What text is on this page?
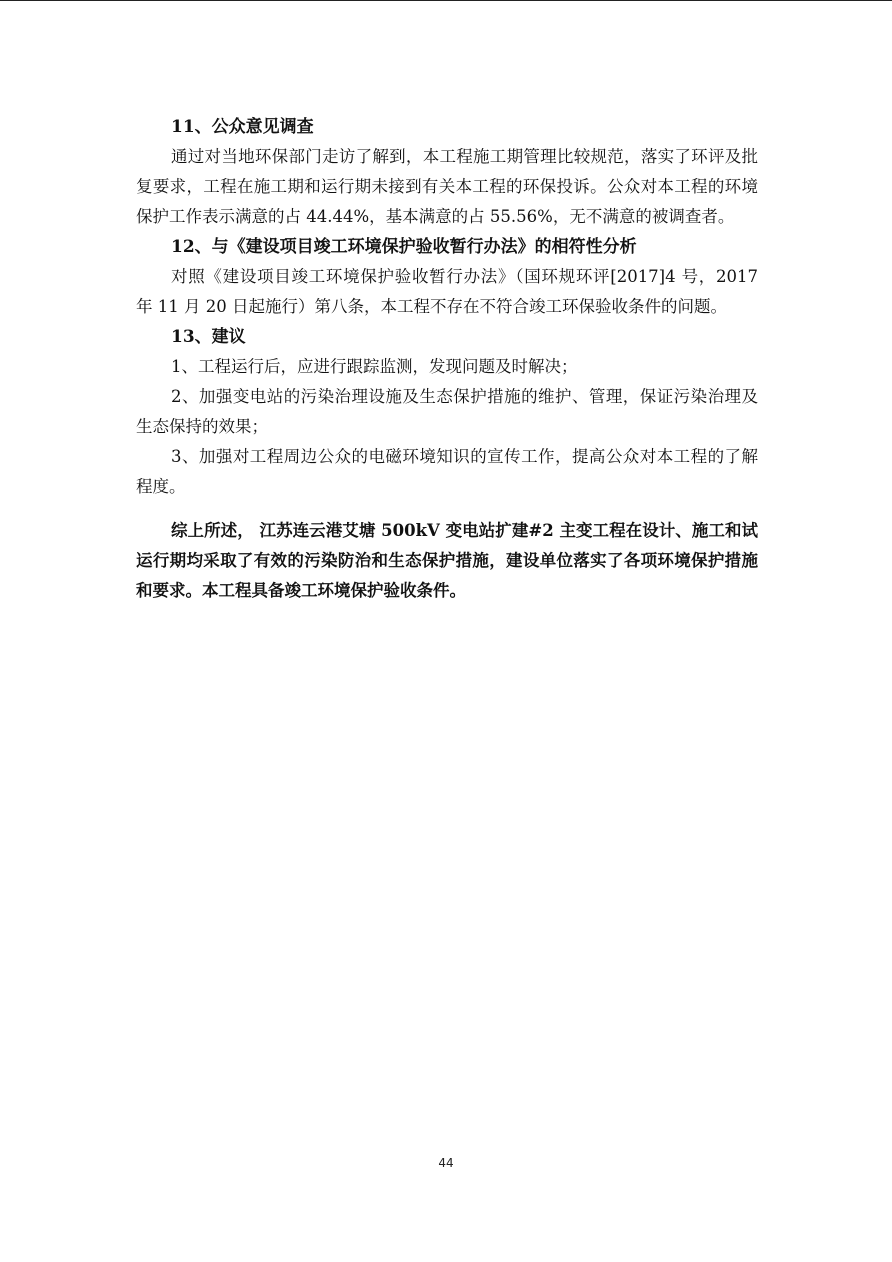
11、公众意见调查

通过对当地环保部门走访了解到，本工程施工期管理比较规范，落实了环评及批复要求，工程在施工期和运行期未接到有关本工程的环保投诉。公众对本工程的环境保护工作表示满意的占 44.44%，基本满意的占 55.56%，无不满意的被调查者。

12、与《建设项目竣工环境保护验收暂行办法》的相符性分析

对照《建设项目竣工环境保护验收暂行办法》（国环规环评[2017]4 号，2017 年 11 月 20 日起施行）第八条，本工程不存在不符合竣工环保验收条件的问题。

13、建议

1、工程运行后，应进行跟踪监测，发现问题及时解决；

2、加强变电站的污染治理设施及生态保护措施的维护、管理，保证污染治理及生态保持的效果；

3、加强对工程周边公众的电磁环境知识的宣传工作，提高公众对本工程的了解程度。

综上所述， 江苏连云港艾塘 500kV 变电站扩建#2 主变工程在设计、施工和试运行期均采取了有效的污染防治和生态保护措施，建设单位落实了各项环境保护措施和要求。本工程具备竣工环境保护验收条件。

44
